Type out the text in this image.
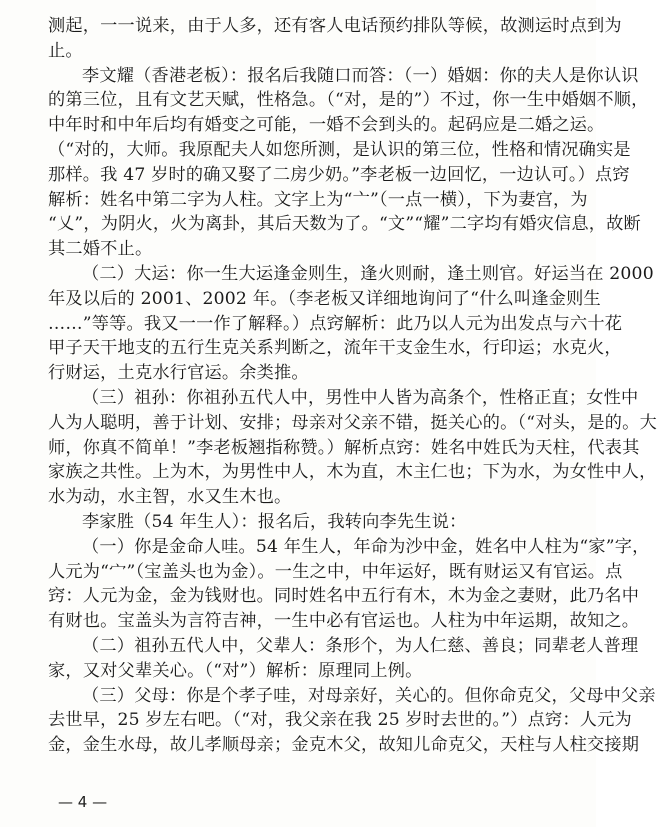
测起，一一说来，由于人多，还有客人电话预约排队等候，故测运时点到为
止。
李文耀（香港老板）：报名后我随口而答：（一）婚姻：你的夫人是你认识
的第三位，且有文艺天赋，性格急。（“对，是的”）不过，你一生中婚姻不顺，
中年时和中年后均有婚变之可能，一婚不会到头的。起码应是二婚之运。
（“对的，大师。我原配夫人如您所测，是认识的第三位，性格和情况确实是
那样。我 47 岁时的确又娶了二房少奶。”李老板一边回忆，一边认可。）点窍
解析：姓名中第二字为人柱。文字上为“亠”（一点一横），下为妻宫，为
“乂”，为阴火，火为离卦，其后天数为了。“文”“耀”二字均有婚灾信息，故断
其二婚不止。
（二）大运：你一生大运逢金则生，逢火则耐，逢土则官。好运当在 2000
年及以后的 2001、2002 年。（李老板又详细地询问了“什么叫逢金则生
……”等等。我又一一作了解释。）点窍解析：此乃以人元为出发点与六十花
甲子天干地支的五行生克关系判断之，流年干支金生水，行印运；水克火，
行财运，土克水行官运。余类推。
（三）祖孙：你祖孙五代人中，男性中人皆为高条个，性格正直；女性中
人为人聪明，善于计划、安排；母亲对父亲不错，挺关心的。（“对头，是的。大
师，你真不简单！”李老板翘指称赞。）解析点窍：姓名中姓氏为天柱，代表其
家族之共性。上为木，为男性中人，木为直，木主仁也；下为水，为女性中人，
水为动，水主智，水又生木也。
李家胜（54 年生人）：报名后，我转向李先生说：
（一）你是金命人哇。54 年生人，年命为沙中金，姓名中人柱为“家”字，
人元为“宀”（宝盖头也为金）。一生之中，中年运好，既有财运又有官运。点
窍：人元为金，金为钱财也。同时姓名中五行有木，木为金之妻财，此乃名中
有财也。宝盖头为言符吉神，一生中必有官运也。人柱为中年运期，故知之。
（二）祖孙五代人中，父辈人：条形个，为人仁慈、善良；同辈老人普理
家，又对父辈关心。（“对”）解析：原理同上例。
（三）父母：你是个孝子哇，对母亲好，关心的。但你命克父，父母中父亲
去世早，25 岁左右吧。（“对，我父亲在我 25 岁时去世的。”）点窍：人元为
金，金生水母，故儿孝顺母亲；金克木父，故知儿命克父，天柱与人柱交接期
— 4 —
